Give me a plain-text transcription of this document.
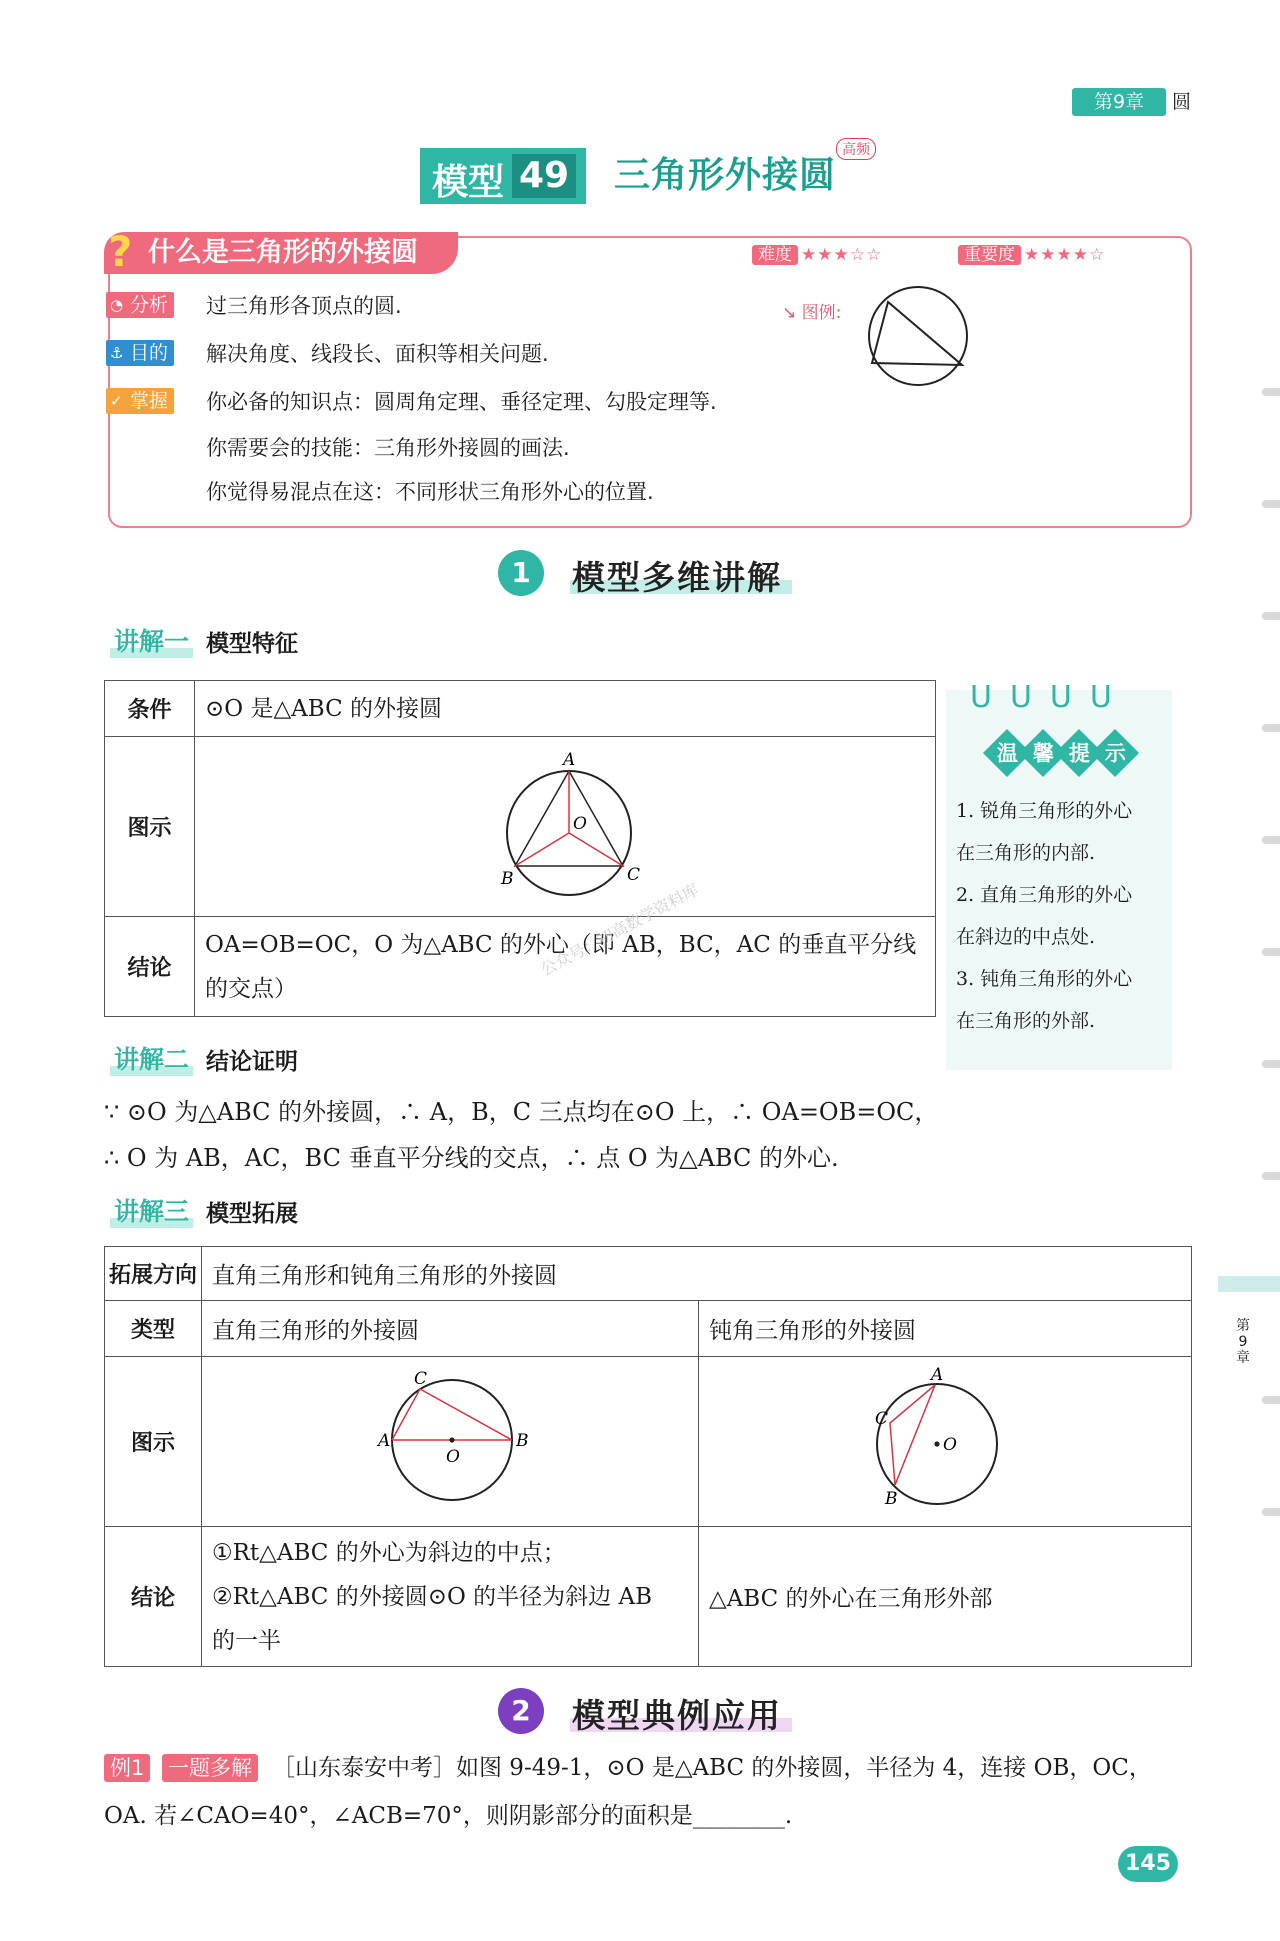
第9章	圆
模型 49 三角形外接圆
高频
? 什么是三角形的外接圆	难度 ★★★☆☆	重要度 ★★★★☆
◔ 分析 过三角形各顶点的圆.
⚓ 目的 解决角度、线段长、面积等相关问题.
✓ 掌握 你必备的知识点：圆周角定理、垂径定理、勾股定理等.
你需要会的技能：三角形外接圆的画法.
你觉得易混点在这：不同形状三角形外心的位置.
↘ 图例:
1	模型多维讲解
讲解一 模型特征
条件	⊙O 是△ABC 的外接圆
图示	A
B C
O

结论	OA=OB=OC，O 为△ABC 的外心（即 AB，BC，AC 的垂直平分线的交点）
公众号：初高数学资料库
ᑌᑌᑌᑌ
温 馨 提 示
1. 锐角三角形的外心
在三角形的内部.
2. 直角三角形的外心
在斜边的中点处.
3. 钝角三角形的外心
在三角形的外部.
讲解二 结论证明
∵ ⊙O 为△ABC 的外接圆，∴ A，B，C 三点均在⊙O 上，∴ OA=OB=OC，
∴ O 为 AB，AC，BC 垂直平分线的交点，∴ 点 O 为△ABC 的外心.
讲解三 模型拓展
拓展方向	直角三角形和钝角三角形的外接圆	
类型	直角三角形的外接圆	钝角三角形的外接圆
图示	C
A B
O	A
C
B
O

结论	①Rt△ABC 的外心为斜边的中点；
②Rt△ABC 的外接圆⊙O 的半径为斜边 AB
的一半	△ABC 的外心在三角形外部
第9章
2	模型典例应用
例1 一题多解 ［山东泰安中考］如图 9-49-1，⊙O 是△ABC 的外接圆，半径为 4，连接 OB，OC，
OA. 若∠CAO=40°，∠ACB=70°，则阴影部分的面积是________.
145
